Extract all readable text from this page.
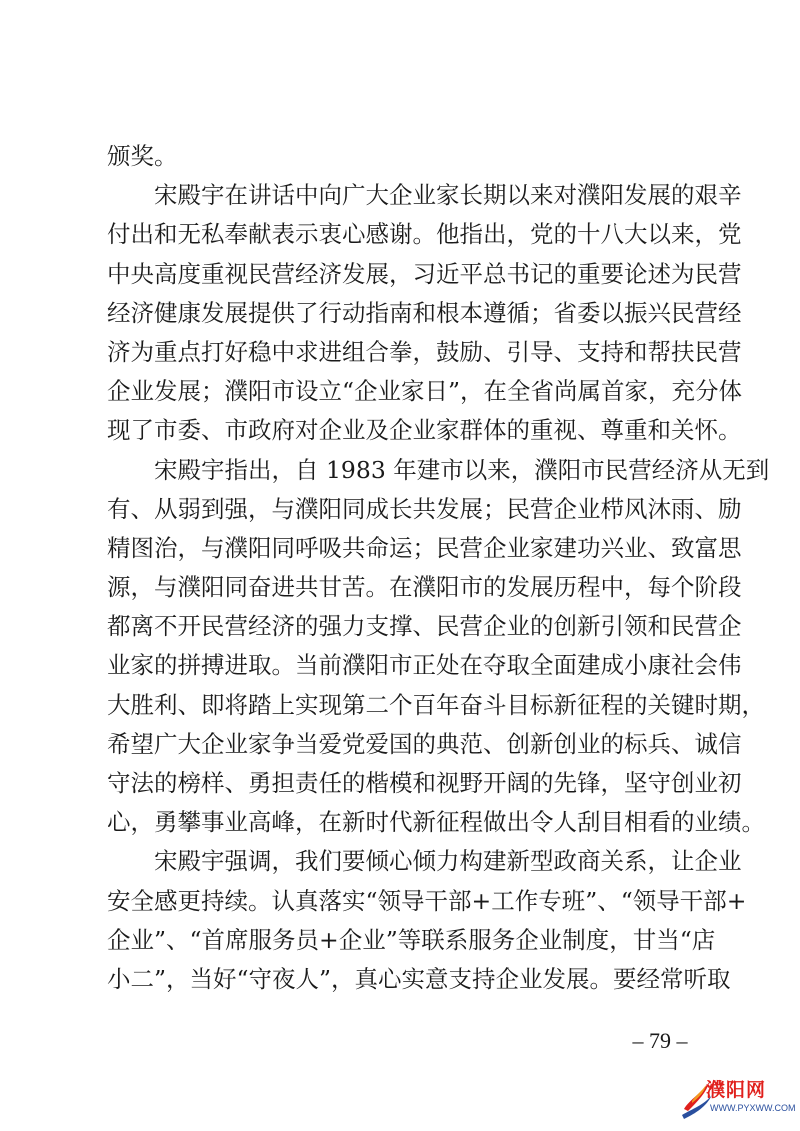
颁奖。
宋殿宇在讲话中向广大企业家长期以来对濮阳发展的艰辛
付出和无私奉献表示衷心感谢。他指出，党的十八大以来，党
中央高度重视民营经济发展，习近平总书记的重要论述为民营
经济健康发展提供了行动指南和根本遵循；省委以振兴民营经
济为重点打好稳中求进组合拳，鼓励、引导、支持和帮扶民营
企业发展；濮阳市设立“企业家日”，在全省尚属首家，充分体
现了市委、市政府对企业及企业家群体的重视、尊重和关怀。
宋殿宇指出，自 1983 年建市以来，濮阳市民营经济从无到
有、从弱到强，与濮阳同成长共发展；民营企业栉风沐雨、励
精图治，与濮阳同呼吸共命运；民营企业家建功兴业、致富思
源，与濮阳同奋进共甘苦。在濮阳市的发展历程中，每个阶段
都离不开民营经济的强力支撑、民营企业的创新引领和民营企
业家的拼搏进取。当前濮阳市正处在夺取全面建成小康社会伟
大胜利、即将踏上实现第二个百年奋斗目标新征程的关键时期，
希望广大企业家争当爱党爱国的典范、创新创业的标兵、诚信
守法的榜样、勇担责任的楷模和视野开阔的先锋，坚守创业初
心，勇攀事业高峰，在新时代新征程做出令人刮目相看的业绩。
宋殿宇强调，我们要倾心倾力构建新型政商关系，让企业
安全感更持续。认真落实“领导干部+工作专班”、“领导干部+
企业”、“首席服务员+企业”等联系服务企业制度，甘当“店
小二”，当好“守夜人”，真心实意支持企业发展。要经常听取
– 79 –
濮阳网
WWW.PYXWW.COM
